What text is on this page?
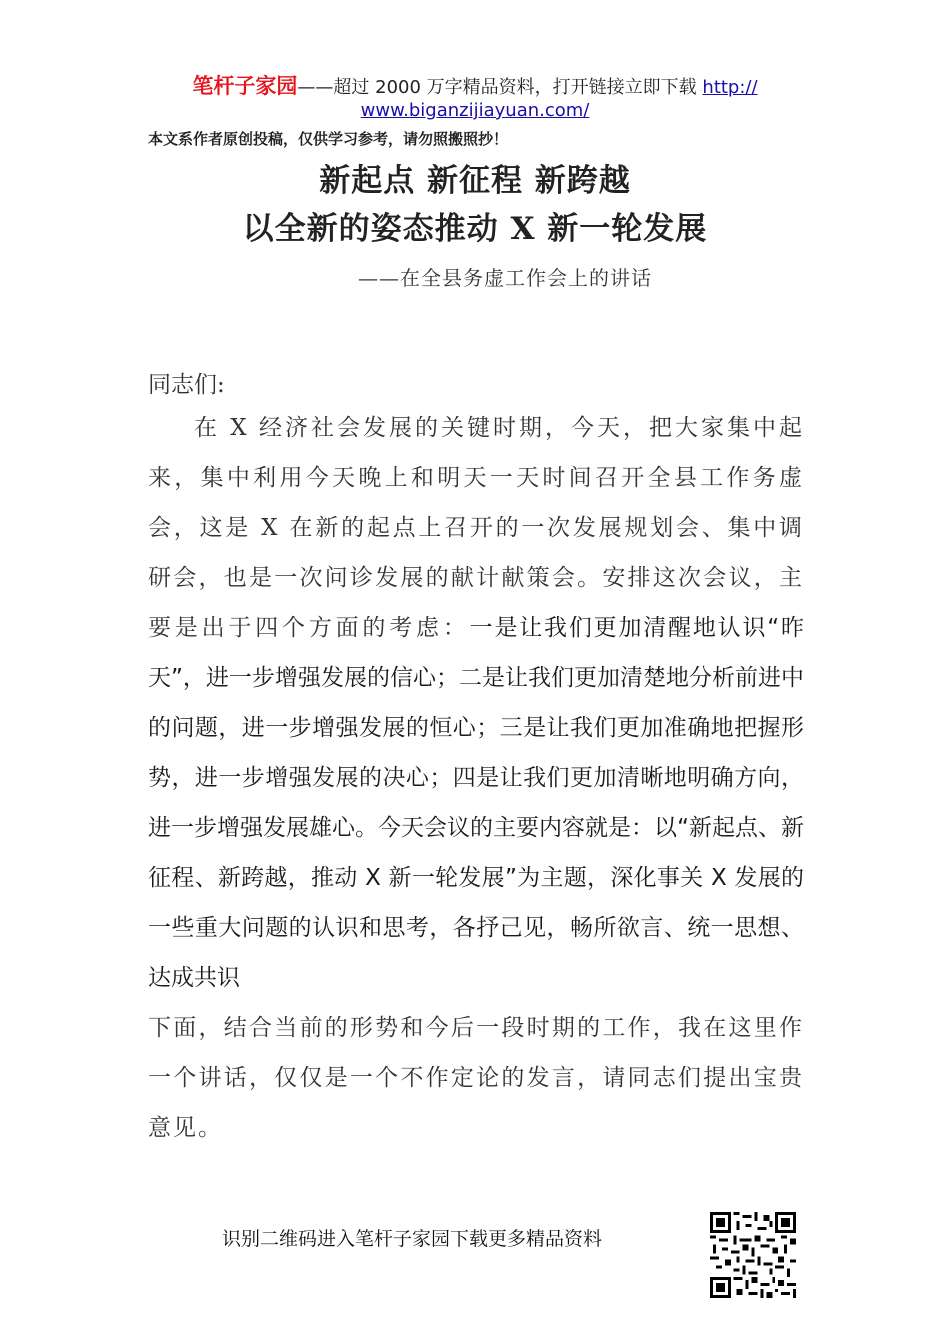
笔杆子家园——超过 2000 万字精品资料，打开链接立即下载 http://
www.biganzijiayuan.com/
本文系作者原创投稿，仅供学习参考，请勿照搬照抄！
新起点 新征程 新跨越
以全新的姿态推动 X 新一轮发展
——在全县务虚工作会上的讲话
同志们:

在 X 经济社会发展的关键时期，今天，把大家集中起来，集中利用今天晚上和明天一天时间召开全县工作务虚会，这是 X 在新的起点上召开的一次发展规划会、集中调研会，也是一次问诊发展的献计献策会。安排这次会议，主要是出于四个方面的考虑：一是让我们更加清醒地认识“昨天”，进一步增强发展的信心；二是让我们更加清楚地分析前进中的问题，进一步增强发展的恒心；三是让我们更加准确地把握形势，进一步增强发展的决心；四是让我们更加清晰地明确方向，进一步增强发展雄心。今天会议的主要内容就是：以“新起点、新征程、新跨越，推动 X 新一轮发展”为主题，深化事关 X 发展的一些重大问题的认识和思考，各抒己见，畅所欲言、统一思想、达成共识

下面，结合当前的形势和今后一段时期的工作，我在这里作一个讲话，仅仅是一个不作定论的发言，请同志们提出宝贵意见。

识别二维码进入笔杆子家园下载更多精品资料
